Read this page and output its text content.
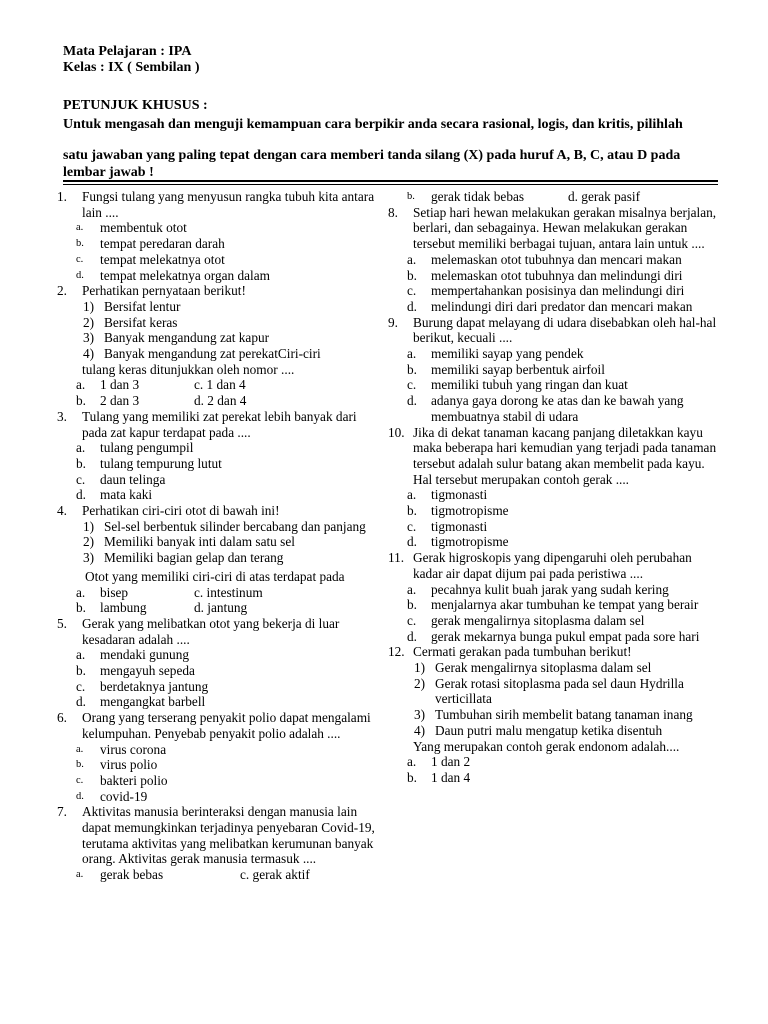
Mata Pelajaran : IPA
Kelas : IX ( Sembilan )
PETUNJUK KHUSUS :
Untuk mengasah dan menguji kemampuan cara berpikir anda secara rasional, logis, dan kritis, pilihlah
satu jawaban yang paling tepat dengan cara memberi tanda silang (X) pada huruf A, B, C, atau D pada
lembar jawab !
1. Fungsi tulang yang menyusun rangka tubuh kita antara lain ....
a. membentuk otot
b. tempat peredaran darah
c. tempat melekatnya otot
d. tempat melekatnya organ dalam
2. Perhatikan pernyataan berikut!
1) Bersifat lentur
2) Bersifat keras
3) Banyak mengandung zat kapur
4) Banyak mengandung zat perekatCiri-ciri
tulang keras ditunjukkan oleh nomor ....
a. 1 dan 3	c. 1 dan 4
b. 2 dan 3	d. 2 dan 4
3. Tulang yang memiliki zat perekat lebih banyak dari pada zat kapur terdapat pada ....
a. tulang pengumpil
b. tulang tempurung lutut
c. daun telinga
d. mata kaki
4. Perhatikan ciri-ciri otot di bawah ini!
1) Sel-sel berbentuk silinder bercabang dan panjang
2) Memiliki banyak inti dalam satu sel
3) Memiliki bagian gelap dan terang
Otot yang memiliki ciri-ciri di atas terdapat pada
a. bisep	c. intestinum
b. lambung	d. jantung
5. Gerak yang melibatkan otot yang bekerja di luar kesadaran adalah ....
a. mendaki gunung
b. mengayuh sepeda
c. berdetaknya jantung
d. mengangkat barbell
6. Orang yang terserang penyakit polio dapat mengalami kelumpuhan. Penyebab penyakit polio adalah ....
a. virus corona
b. virus polio
c. bakteri polio
d. covid-19
7. Aktivitas manusia berinteraksi dengan manusia lain dapat memungkinkan terjadinya penyebaran Covid-19, terutama aktivitas yang melibatkan kerumunan banyak orang. Aktivitas gerak manusia termasuk ....
a. gerak bebas	c. gerak aktif
b. gerak tidak bebas	d. gerak pasif
8. Setiap hari hewan melakukan gerakan misalnya berjalan, berlari, dan sebagainya. Hewan melakukan gerakan tersebut memiliki berbagai tujuan, antara lain untuk ....
a. melemaskan otot tubuhnya dan mencari makan
b. melemaskan otot tubuhnya dan melindungi diri
c. mempertahankan posisinya dan melindungi diri
d. melindungi diri dari predator dan mencari makan
9. Burung dapat melayang di udara disebabkan oleh hal-hal berikut, kecuali ....
a. memiliki sayap yang pendek
b. memiliki sayap berbentuk airfoil
c. memiliki tubuh yang ringan dan kuat
d. adanya gaya dorong ke atas dan ke bawah yang membuatnya stabil di udara
10. Jika di dekat tanaman kacang panjang diletakkan kayu maka beberapa hari kemudian yang terjadi pada tanaman tersebut adalah sulur batang akan membelit pada kayu. Hal tersebut merupakan contoh gerak ....
a. tigmonasti
b. tigmotropisme
c. tigmonasti
d. tigmotropisme
11. Gerak higroskopis yang dipengaruhi oleh perubahan kadar air dapat dijum pai pada peristiwa ....
a. pecahnya kulit buah jarak yang sudah kering
b. menjalarnya akar tumbuhan ke tempat yang berair
c. gerak mengalirnya sitoplasma dalam sel
d. gerak mekarnya bunga pukul empat pada sore hari
12. Cermati gerakan pada tumbuhan berikut!
1) Gerak mengalirnya sitoplasma dalam sel
2) Gerak rotasi sitoplasma pada sel daun Hydrilla verticillata
3) Tumbuhan sirih membelit batang tanaman inang
4) Daun putri malu mengatup ketika disentuh
Yang merupakan contoh gerak endonom adalah....
a. 1 dan 2
b. 1 dan 4
